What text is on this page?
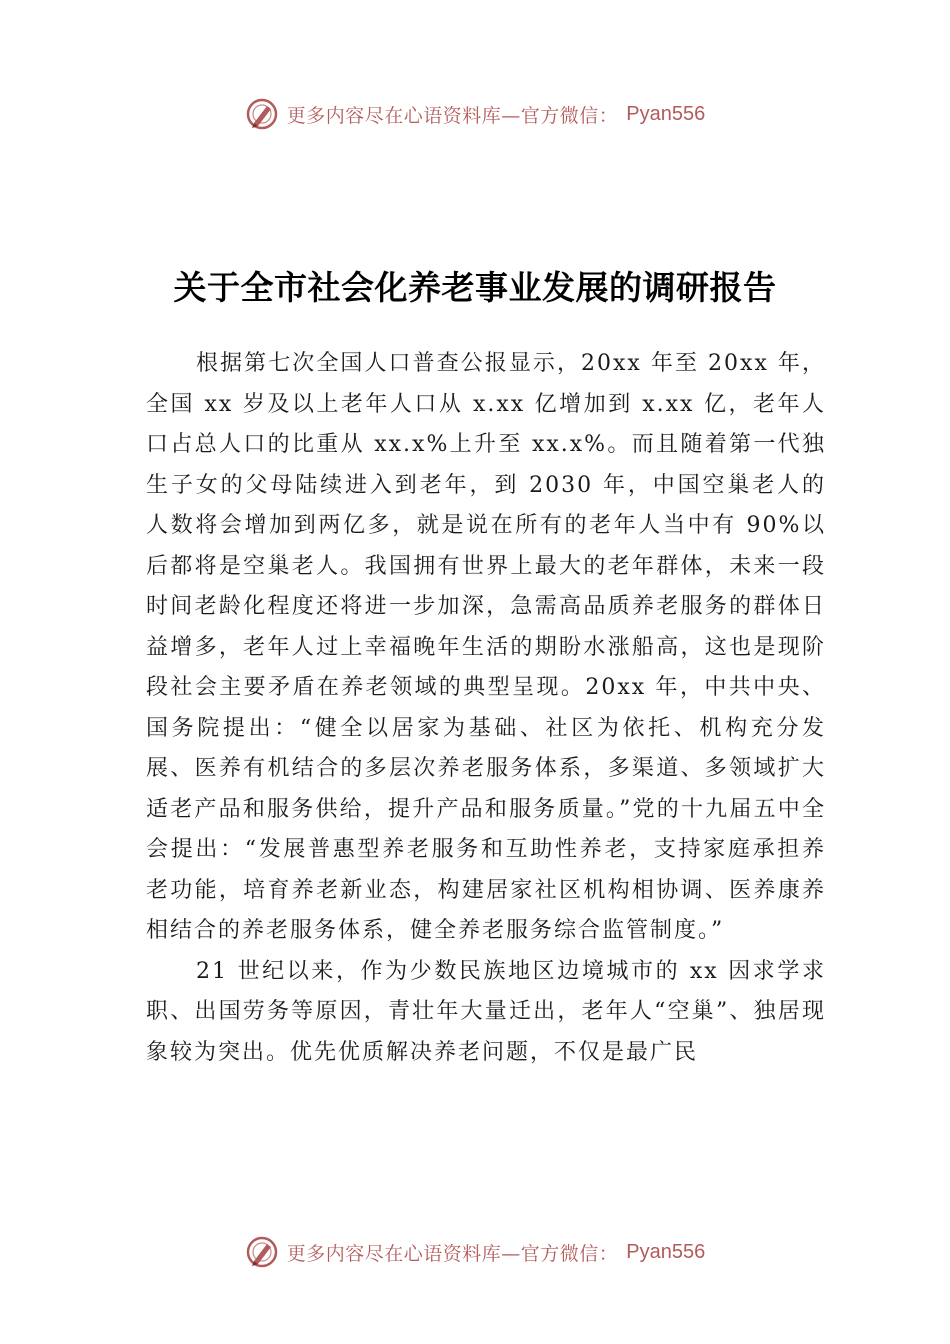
更多内容尽在心语资料库—官方微信： Pyan556
关于全市社会化养老事业发展的调研报告

根据第七次全国人口普查公报显示，20xx 年至 20xx 年，全国 xx 岁及以上老年人口从 x.xx 亿增加到 x.xx 亿，老年人口占总人口的比重从 xx.x%上升至 xx.x%。而且随着第一代独生子女的父母陆续进入到老年，到 2030 年，中国空巢老人的人数将会增加到两亿多，就是说在所有的老年人当中有 90%以后都将是空巢老人。我国拥有世界上最大的老年群体，未来一段时间老龄化程度还将进一步加深，急需高品质养老服务的群体日益增多，老年人过上幸福晚年生活的期盼水涨船高，这也是现阶段社会主要矛盾在养老领域的典型呈现。20xx 年，中共中央、国务院提出：“健全以居家为基础、社区为依托、机构充分发展、医养有机结合的多层次养老服务体系，多渠道、多领域扩大适老产品和服务供给，提升产品和服务质量。”党的十九届五中全会提出：“发展普惠型养老服务和互助性养老，支持家庭承担养老功能，培育养老新业态，构建居家社区机构相协调、医养康养相结合的养老服务体系，健全养老服务综合监管制度。”

21 世纪以来，作为少数民族地区边境城市的 xx 因求学求职、出国劳务等原因，青壮年大量迁出，老年人“空巢”、独居现象较为突出。优先优质解决养老问题，不仅是最广民

更多内容尽在心语资料库—官方微信： Pyan556
